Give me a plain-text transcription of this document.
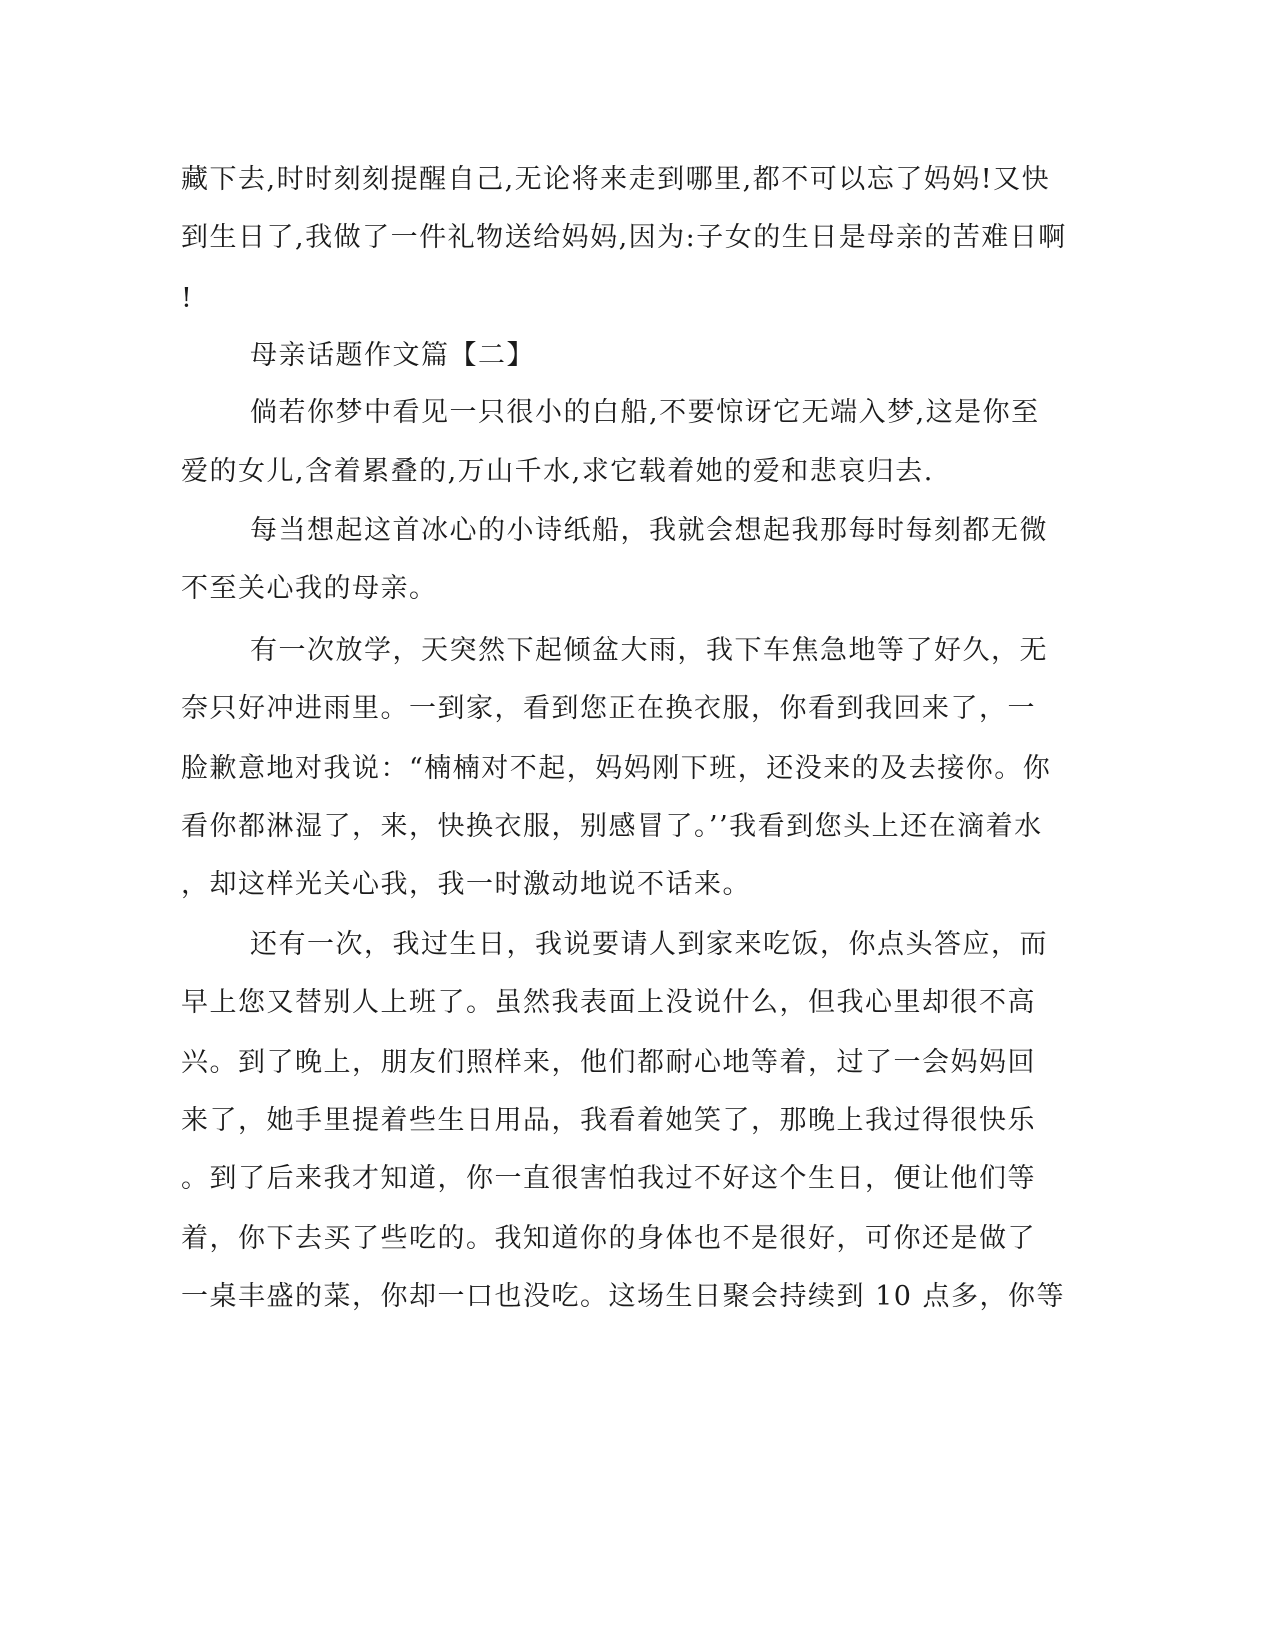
藏下去,时时刻刻提醒自己,无论将来走到哪里,都不可以忘了妈妈!又快

到生日了,我做了一件礼物送给妈妈,因为:子女的生日是母亲的苦难日啊

!

母亲话题作文篇【二】

倘若你梦中看见一只很小的白船,不要惊讶它无端入梦,这是你至

爱的女儿,含着累叠的,万山千水,求它载着她的爱和悲哀归去.

每当想起这首冰心的小诗纸船，我就会想起我那每时每刻都无微

不至关心我的母亲。

有一次放学，天突然下起倾盆大雨，我下车焦急地等了好久，无

奈只好冲进雨里。一到家，看到您正在换衣服，你看到我回来了，一

脸歉意地对我说：“楠楠对不起，妈妈刚下班，还没来的及去接你。你

看你都淋湿了，来，快换衣服，别感冒了。’’我看到您头上还在滴着水

，却这样光关心我，我一时激动地说不话来。

还有一次，我过生日，我说要请人到家来吃饭，你点头答应，而

早上您又替别人上班了。虽然我表面上没说什么，但我心里却很不高

兴。到了晚上，朋友们照样来，他们都耐心地等着，过了一会妈妈回

来了，她手里提着些生日用品，我看着她笑了，那晚上我过得很快乐

。到了后来我才知道，你一直很害怕我过不好这个生日，便让他们等

着，你下去买了些吃的。我知道你的身体也不是很好，可你还是做了

一桌丰盛的菜，你却一口也没吃。这场生日聚会持续到 10 点多，你等
